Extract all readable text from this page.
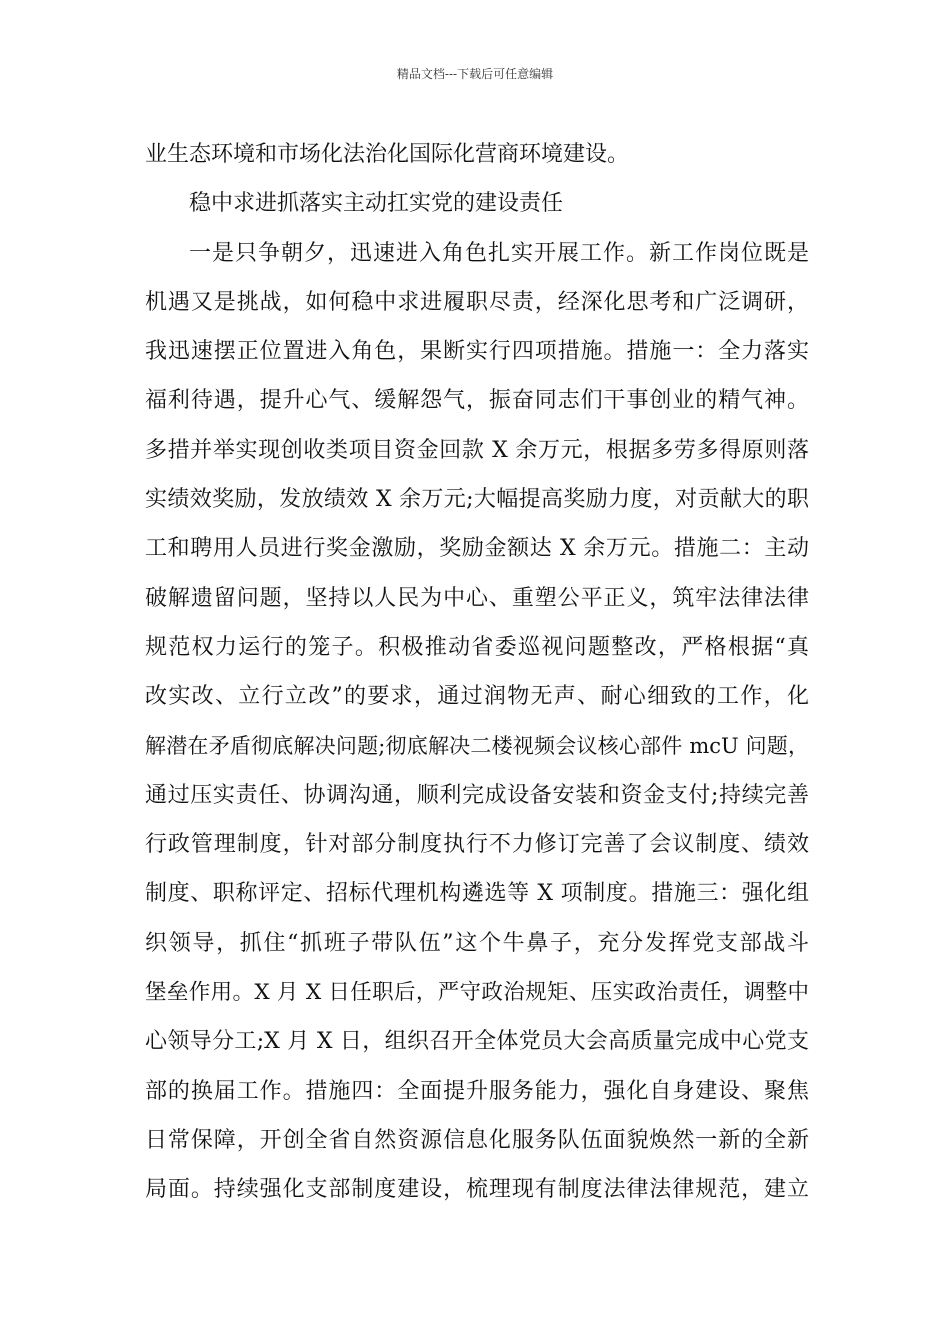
精品文档---下载后可任意编辑
业生态环境和市场化法治化国际化营商环境建设。
稳中求进抓落实主动扛实党的建设责任
一是只争朝夕，迅速进入角色扎实开展工作。新工作岗位既是
机遇又是挑战，如何稳中求进履职尽责，经深化思考和广泛调研，
我迅速摆正位置进入角色，果断实行四项措施。措施一：全力落实
福利待遇，提升心气、缓解怨气，振奋同志们干事创业的精气神。
多措并举实现创收类项目资金回款 X 余万元，根据多劳多得原则落
实绩效奖励，发放绩效 X 余万元;大幅提高奖励力度，对贡献大的职
工和聘用人员进行奖金激励，奖励金额达 X 余万元。措施二：主动
破解遗留问题，坚持以人民为中心、重塑公平正义，筑牢法律法律
规范权力运行的笼子。积极推动省委巡视问题整改，严格根据“真
改实改、立行立改”的要求，通过润物无声、耐心细致的工作，化
解潜在矛盾彻底解决问题;彻底解决二楼视频会议核心部件 mcU 问题，
通过压实责任、协调沟通，顺利完成设备安装和资金支付;持续完善
行政管理制度，针对部分制度执行不力修订完善了会议制度、绩效
制度、职称评定、招标代理机构遴选等 X 项制度。措施三：强化组
织领导，抓住“抓班子带队伍”这个牛鼻子，充分发挥党支部战斗
堡垒作用。X 月 X 日任职后，严守政治规矩、压实政治责任，调整中
心领导分工;X 月 X 日，组织召开全体党员大会高质量完成中心党支
部的换届工作。措施四：全面提升服务能力，强化自身建设、聚焦
日常保障，开创全省自然资源信息化服务队伍面貌焕然一新的全新
局面。持续强化支部制度建设，梳理现有制度法律法律规范，建立
